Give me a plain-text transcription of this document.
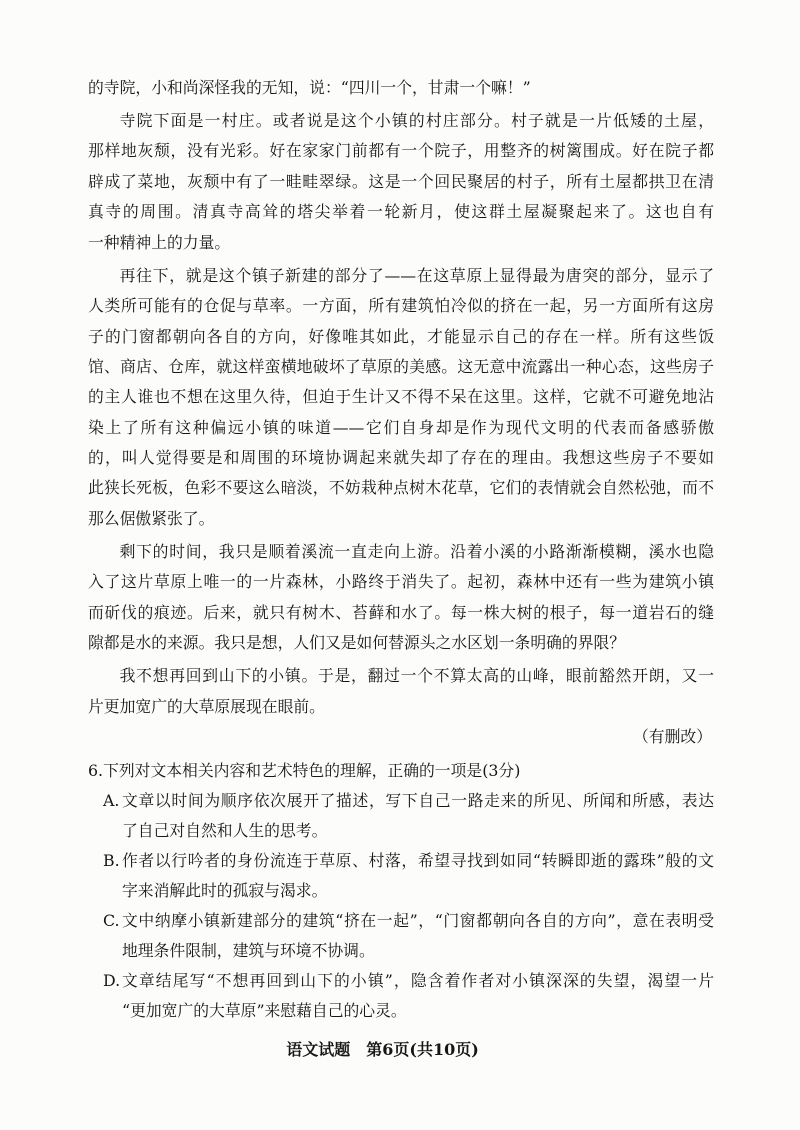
的寺院，小和尚深怪我的无知，说：“四川一个，甘肃一个嘛！”
寺院下面是一村庄。或者说是这个小镇的村庄部分。村子就是一片低矮的土屋，
那样地灰颓，没有光彩。好在家家门前都有一个院子，用整齐的树篱围成。好在院子都
辟成了菜地，灰颓中有了一畦畦翠绿。这是一个回民聚居的村子，所有土屋都拱卫在清
真寺的周围。清真寺高耸的塔尖举着一轮新月，使这群土屋凝聚起来了。这也自有
一种精神上的力量。
再往下，就是这个镇子新建的部分了——在这草原上显得最为唐突的部分，显示了
人类所可能有的仓促与草率。一方面，所有建筑怕冷似的挤在一起，另一方面所有这房
子的门窗都朝向各自的方向，好像唯其如此，才能显示自己的存在一样。所有这些饭
馆、商店、仓库，就这样蛮横地破坏了草原的美感。这无意中流露出一种心态，这些房子
的主人谁也不想在这里久待，但迫于生计又不得不呆在这里。这样，它就不可避免地沾
染上了所有这种偏远小镇的味道——它们自身却是作为现代文明的代表而备感骄傲
的，叫人觉得要是和周围的环境协调起来就失却了存在的理由。我想这些房子不要如
此狭长死板，色彩不要这么暗淡，不妨栽种点树木花草，它们的表情就会自然松弛，而不
那么倨傲紧张了。
剩下的时间，我只是顺着溪流一直走向上游。沿着小溪的小路渐渐模糊，溪水也隐
入了这片草原上唯一的一片森林，小路终于消失了。起初，森林中还有一些为建筑小镇
而斫伐的痕迹。后来，就只有树木、苔藓和水了。每一株大树的根子，每一道岩石的缝
隙都是水的来源。我只是想，人们又是如何替源头之水区划一条明确的界限？
我不想再回到山下的小镇。于是，翻过一个不算太高的山峰，眼前豁然开朗，又一
片更加宽广的大草原展现在眼前。
（有删改）
6.下列对文本相关内容和艺术特色的理解，正确的一项是(3分)
A. 文章以时间为顺序依次展开了描述，写下自己一路走来的所见、所闻和所感，表达
了自己对自然和人生的思考。
B. 作者以行吟者的身份流连于草原、村落，希望寻找到如同“转瞬即逝的露珠”般的文
字来消解此时的孤寂与渴求。
C. 文中纳摩小镇新建部分的建筑“挤在一起”，“门窗都朝向各自的方向”，意在表明受
地理条件限制，建筑与环境不协调。
D. 文章结尾写“不想再回到山下的小镇”，隐含着作者对小镇深深的失望，渴望一片
“更加宽广的大草原”来慰藉自己的心灵。
语文试题 第6页(共10页)
